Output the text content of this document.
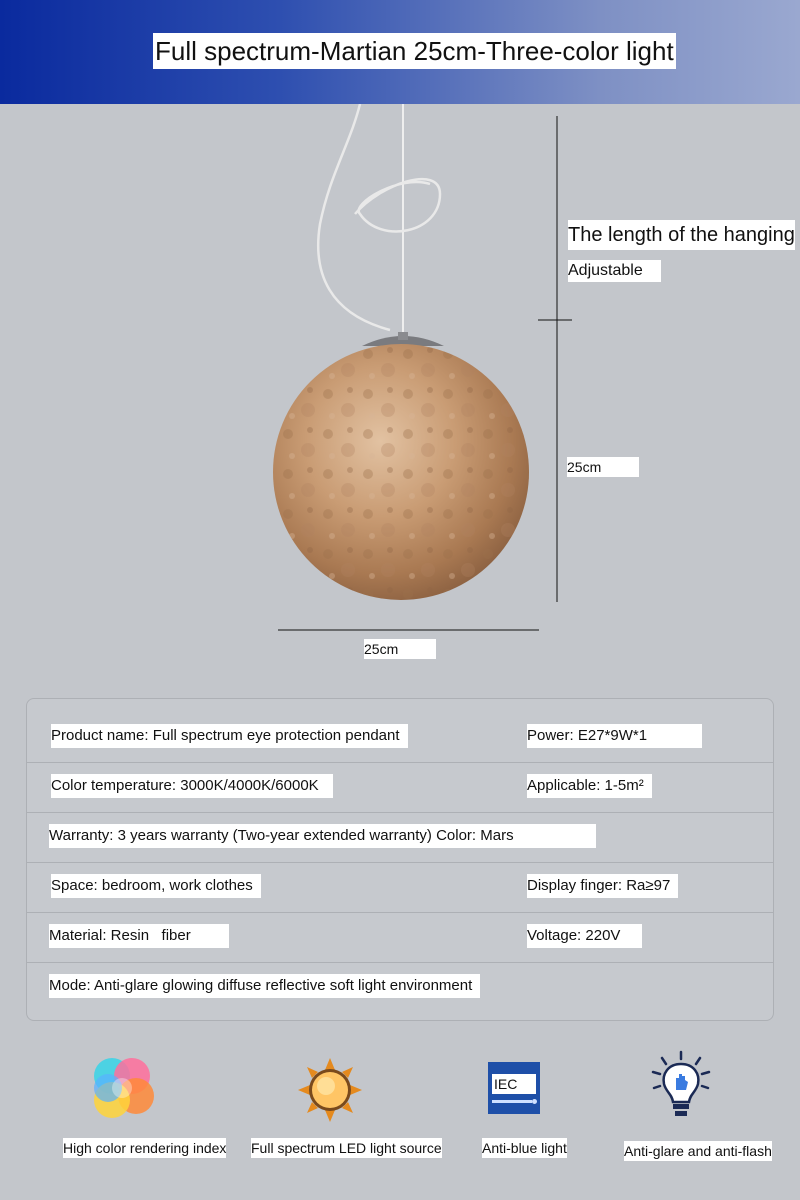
Full spectrum-Martian 25cm-Three-color light
The length of the hanging
Adjustable
25cm
25cm
Product name: Full spectrum eye protection pendant	Power: E27*9W*1
Color temperature: 3000K/4000K/6000K	Applicable: 1-5m²
Warranty: 3 years warranty (Two-year extended warranty) Color: Mars
Space: bedroom, work clothes	Display finger: Ra≥97
Material: Resin   fiber	Voltage: 220V
Mode: Anti-glare glowing diffuse reflective soft light environment
High color rendering index Full spectrum LED light source
IEC
Anti-blue light	Anti-glare and anti-flash
